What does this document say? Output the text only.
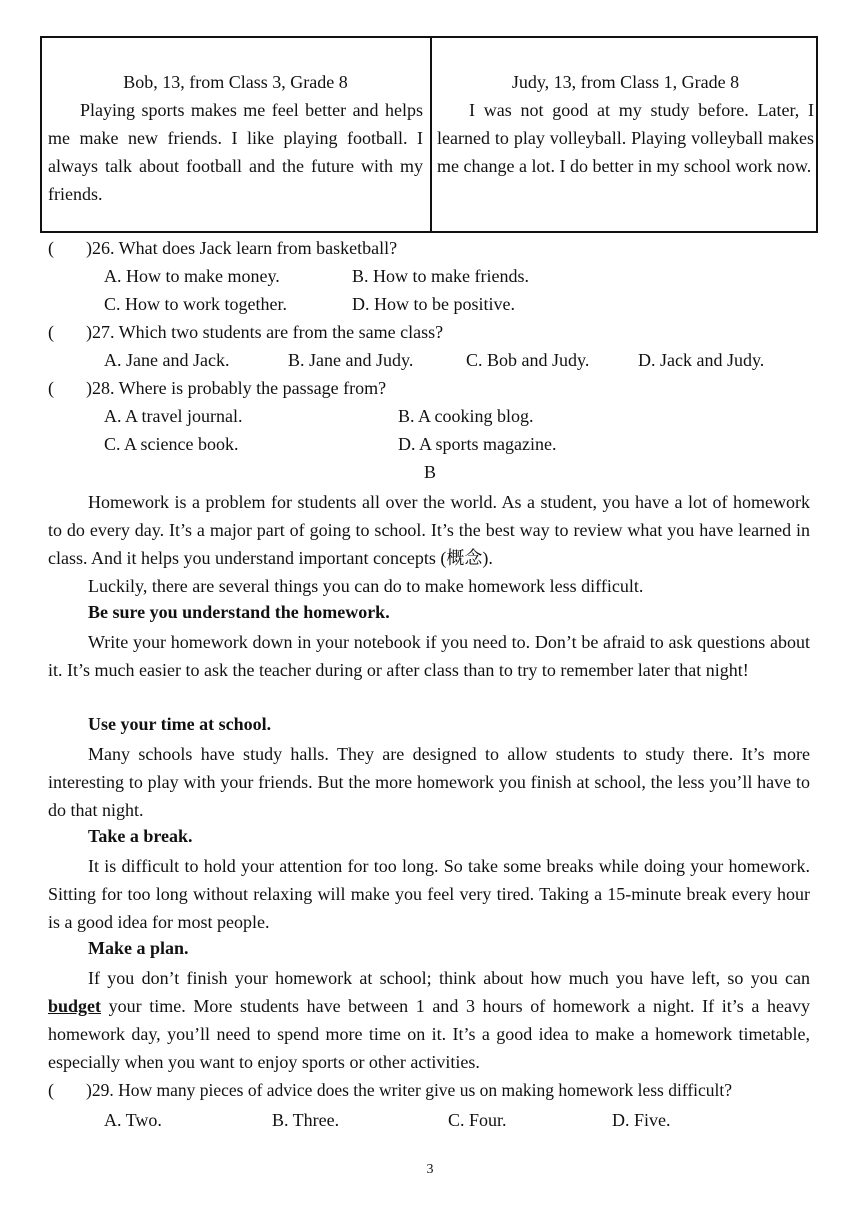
Bob, 13, from Class 3, Grade 8
Playing sports makes me feel better and helps me make new friends. I like playing football. I always talk about football and the future with my friends.
Judy, 13, from Class 1, Grade 8
I was not good at my study before. Later, I learned to play volleyball. Playing volleyball makes me change a lot. I do better in my school work now.
( )26. What does Jack learn from basketball?
A. How to make money.	B. How to make friends.
C. How to work together.	D. How to be positive.
( )27. Which two students are from the same class?
A. Jane and Jack.	B. Jane and Judy.	C. Bob and Judy.	D. Jack and Judy.
( )28. Where is probably the passage from?
A. A travel journal.	B. A cooking blog.
C. A science book.	D. A sports magazine.
B
Homework is a problem for students all over the world. As a student, you have a lot of homework to do every day. It’s a major part of going to school. It’s the best way to review what you have learned in class. And it helps you understand important concepts (概念).
Luckily, there are several things you can do to make homework less difficult.
Be sure you understand the homework.
Write your homework down in your notebook if you need to. Don’t be afraid to ask questions about it. It’s much easier to ask the teacher during or after class than to try to remember later that night!
Use your time at school.
Many schools have study halls. They are designed to allow students to study there. It’s more interesting to play with your friends. But the more homework you finish at school, the less you’ll have to do that night.
Take a break.
It is difficult to hold your attention for too long. So take some breaks while doing your homework. Sitting for too long without relaxing will make you feel very tired. Taking a 15-minute break every hour is a good idea for most people.
Make a plan.
If you don’t finish your homework at school; think about how much you have left, so you can budget your time. More students have between 1 and 3 hours of homework a night. If it’s a heavy homework day, you’ll need to spend more time on it. It’s a good idea to make a homework timetable, especially when you want to enjoy sports or other activities.
( )29. How many pieces of advice does the writer give us on making homework less difficult?
A. Two.	B. Three.	C. Four.	D. Five.
3
